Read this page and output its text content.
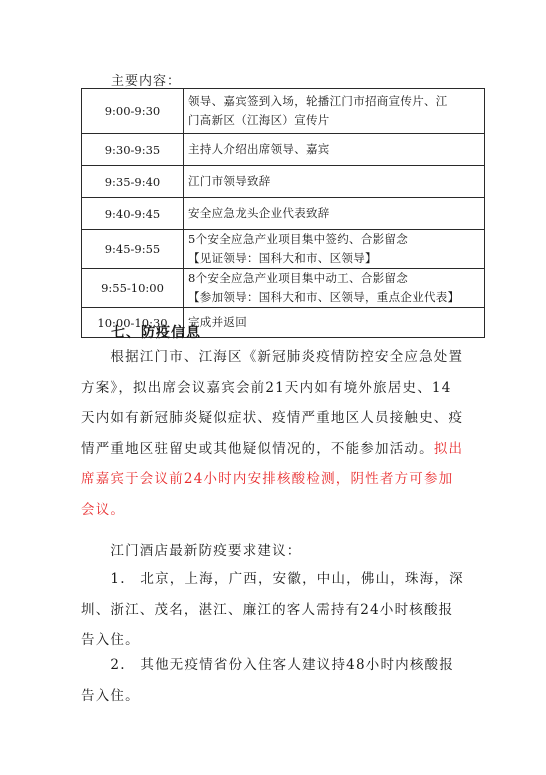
主要内容：
9:00-9:30	领导、嘉宾签到入场，轮播江门市招商宣传片、江
门高新区（江海区）宣传片

9:30-9:35	主持人介绍出席领导、嘉宾

9:35-9:40	江门市领导致辞

9:40-9:45	安全应急龙头企业代表致辞

9:45-9:55	5个安全应急产业项目集中签约、合影留念
【见证领导：国科大和市、区领导】

9:55-10:00	8个安全应急产业项目集中动工、合影留念
【参加领导：国科大和市、区领导，重点企业代表】

10:00-10:30	完成并返回
七、防疫信息
　　根据江门市、江海区《新冠肺炎疫情防控安全应急处置
方案》，拟出席会议嘉宾会前21天内如有境外旅居史、14
天内如有新冠肺炎疑似症状、疫情严重地区人员接触史、疫
情严重地区驻留史或其他疑似情况的，不能参加活动。拟出
席嘉宾于会议前24小时内安排核酸检测，阴性者方可参加
会议。
　　江门酒店最新防疫要求建议：
　　1.　北京，上海，广西，安徽，中山，佛山，珠海，深
圳、浙江、茂名，湛江、廉江的客人需持有24小时核酸报
告入住。
　　2.　其他无疫情省份入住客人建议持48小时内核酸报
告入住。
